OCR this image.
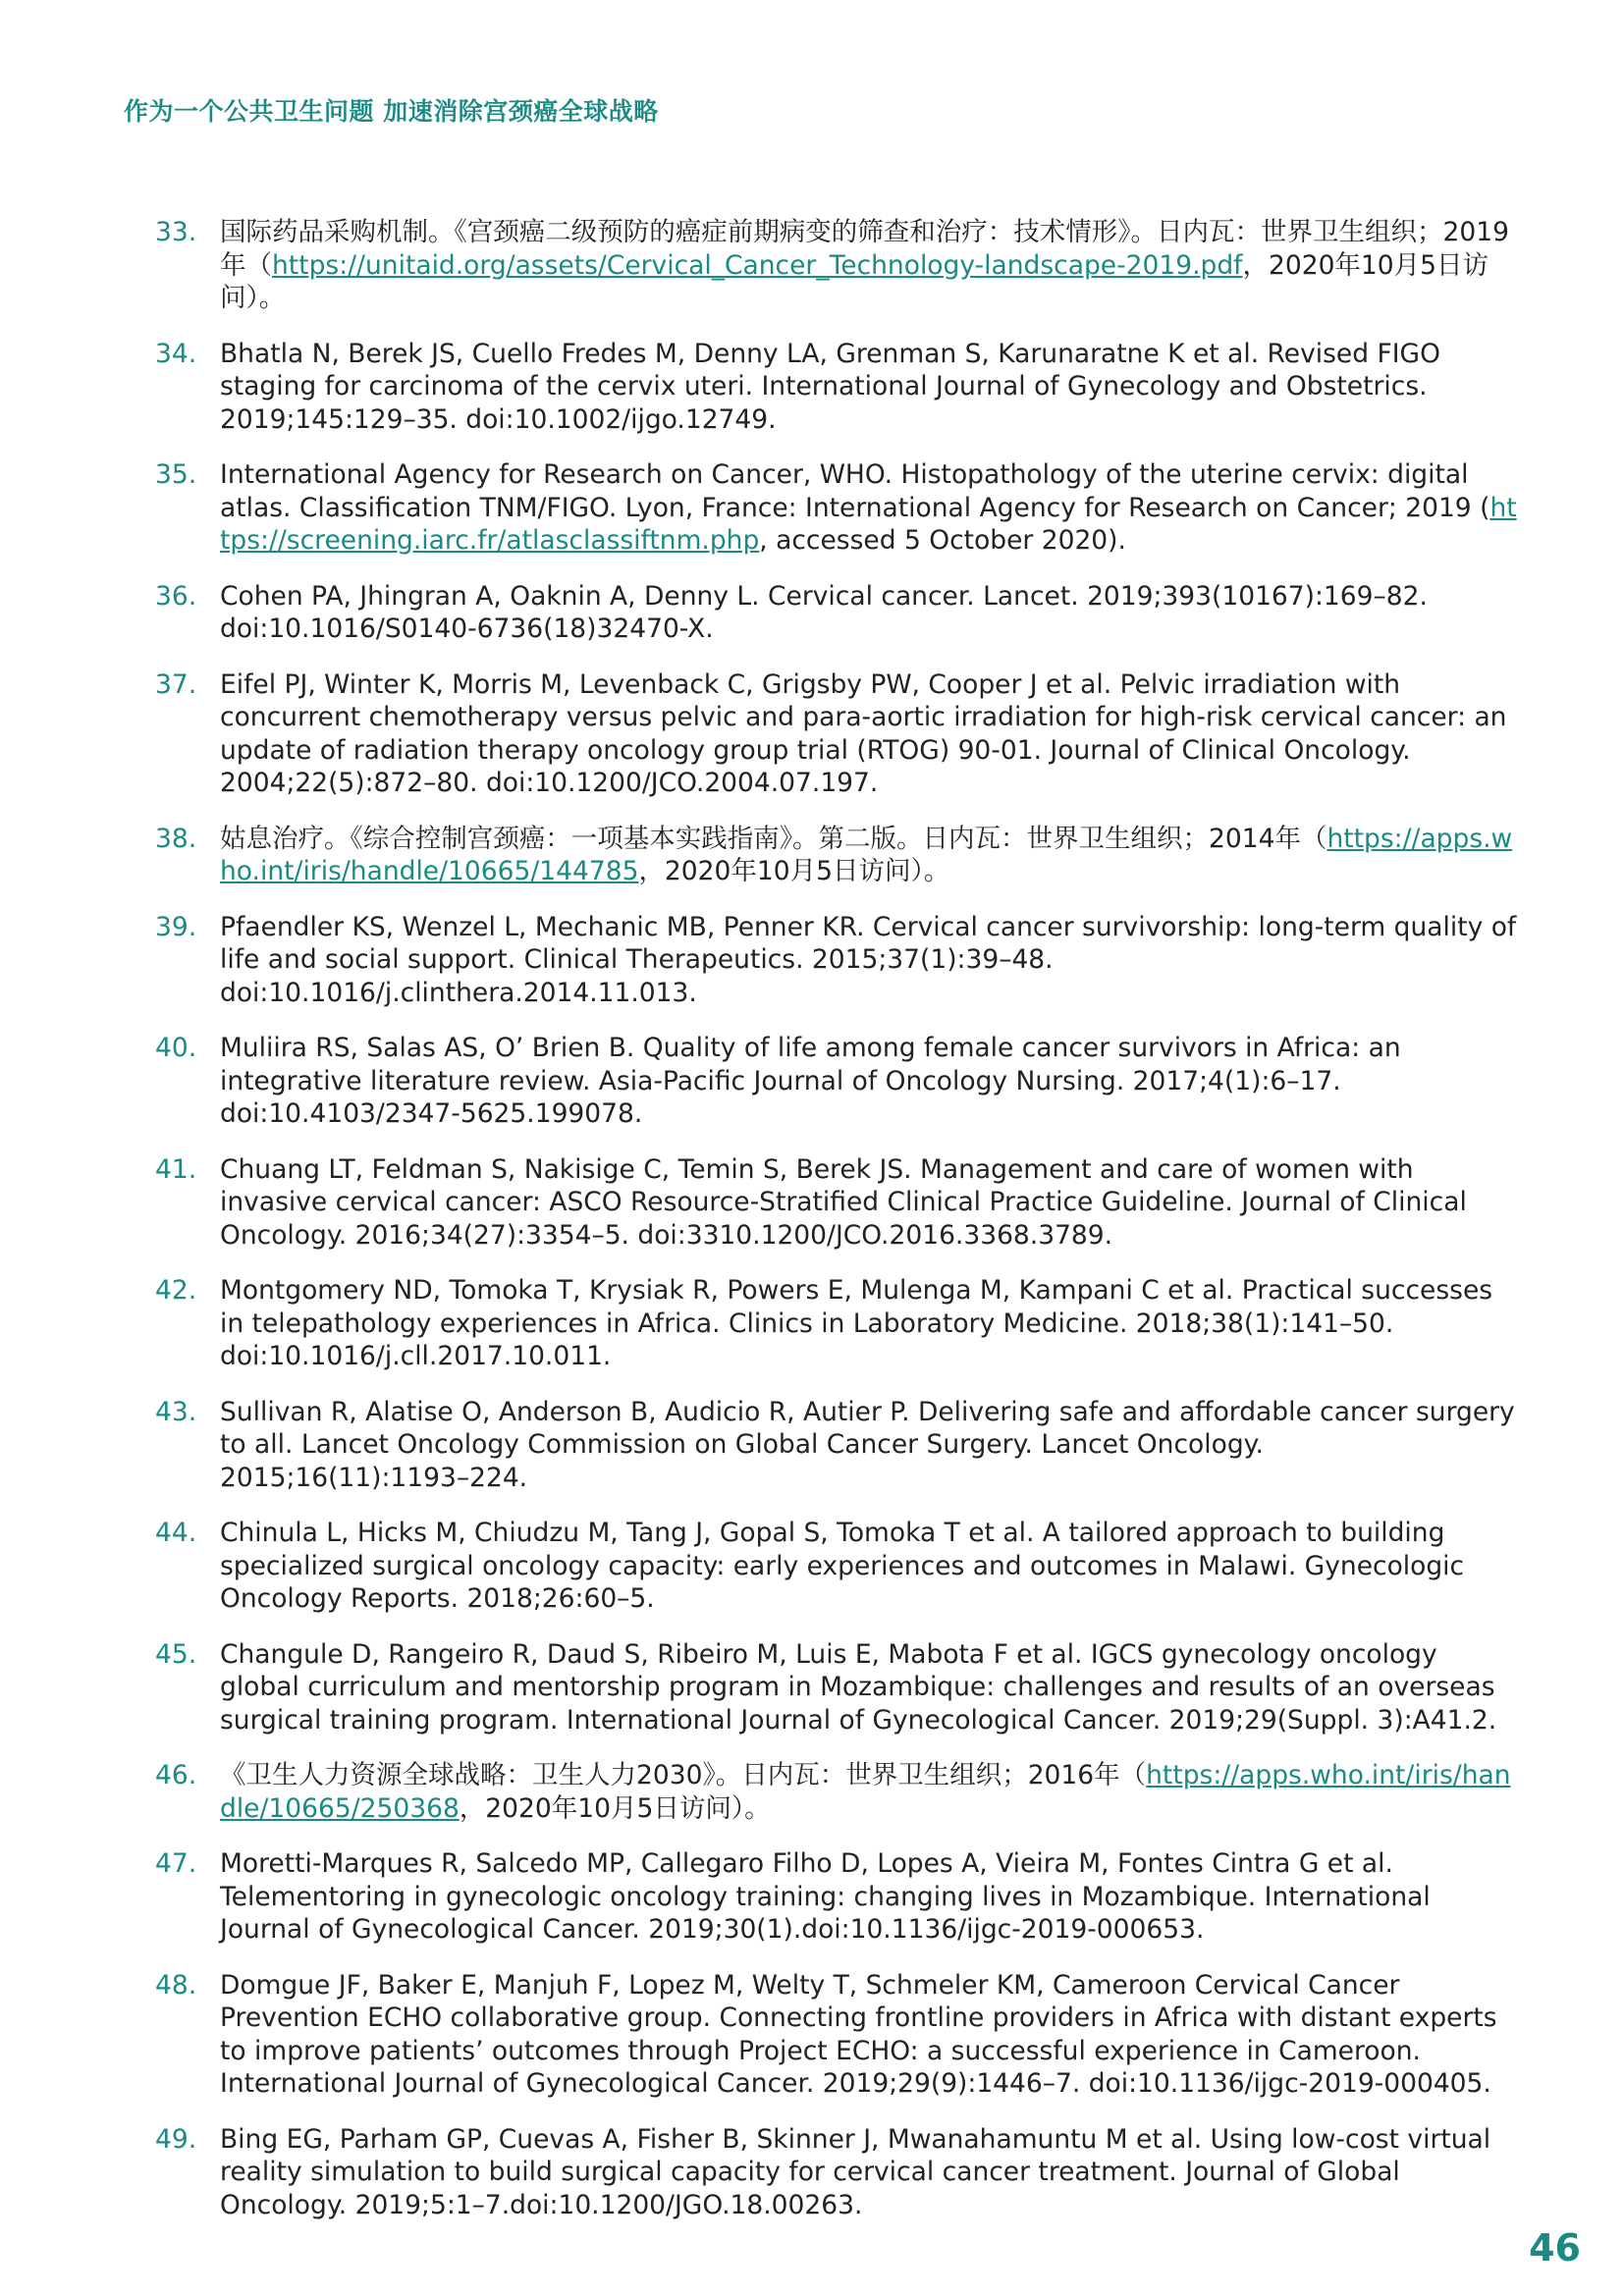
作为一个公共卫生问题 加速消除宫颈癌全球战略
33. 国际药品采购机制。《宫颈癌二级预防的癌症前期病变的筛查和治疗：技术情形》。日内瓦：世界卫生组织；2019年（https://unitaid.org/assets/Cervical_Cancer_Technology-landscape-2019.pdf，2020年10月5日访问）。
34. Bhatla N, Berek JS, Cuello Fredes M, Denny LA, Grenman S, Karunaratne K et al. Revised FIGO staging for carcinoma of the cervix uteri. International Journal of Gynecology and Obstetrics. 2019;145:129–35. doi:10.1002/ijgo.12749.
35. International Agency for Research on Cancer, WHO. Histopathology of the uterine cervix: digital atlas. Classification TNM/FIGO. Lyon, France: International Agency for Research on Cancer; 2019 (https://screening.iarc.fr/atlasclassiftnm.php, accessed 5 October 2020).
36. Cohen PA, Jhingran A, Oaknin A, Denny L. Cervical cancer. Lancet. 2019;393(10167):169–82. doi:10.1016/S0140-6736(18)32470-X.
37. Eifel PJ, Winter K, Morris M, Levenback C, Grigsby PW, Cooper J et al. Pelvic irradiation with concurrent chemotherapy versus pelvic and para-aortic irradiation for high-risk cervical cancer: an update of radiation therapy oncology group trial (RTOG) 90-01. Journal of Clinical Oncology. 2004;22(5):872–80. doi:10.1200/JCO.2004.07.197.
38. 姑息治疗。《综合控制宫颈癌：一项基本实践指南》。第二版。日内瓦：世界卫生组织；2014年（https://apps.who.int/iris/handle/10665/144785，2020年10月5日访问）。
39. Pfaendler KS, Wenzel L, Mechanic MB, Penner KR. Cervical cancer survivorship: long-term quality of life and social support. Clinical Therapeutics. 2015;37(1):39–48. doi:10.1016/j.clinthera.2014.11.013.
40. Muliira RS, Salas AS, O’ Brien B. Quality of life among female cancer survivors in Africa: an integrative literature review. Asia-Pacific Journal of Oncology Nursing. 2017;4(1):6–17. doi:10.4103/2347-5625.199078.
41. Chuang LT, Feldman S, Nakisige C, Temin S, Berek JS. Management and care of women with invasive cervical cancer: ASCO Resource-Stratified Clinical Practice Guideline. Journal of Clinical Oncology. 2016;34(27):3354–5. doi:3310.1200/JCO.2016.3368.3789.
42. Montgomery ND, Tomoka T, Krysiak R, Powers E, Mulenga M, Kampani C et al. Practical successes in telepathology experiences in Africa. Clinics in Laboratory Medicine. 2018;38(1):141–50. doi:10.1016/j.cll.2017.10.011.
43. Sullivan R, Alatise O, Anderson B, Audicio R, Autier P. Delivering safe and affordable cancer surgery to all. Lancet Oncology Commission on Global Cancer Surgery. Lancet Oncology. 2015;16(11):1193–224.
44. Chinula L, Hicks M, Chiudzu M, Tang J, Gopal S, Tomoka T et al. A tailored approach to building specialized surgical oncology capacity: early experiences and outcomes in Malawi. Gynecologic Oncology Reports. 2018;26:60–5.
45. Changule D, Rangeiro R, Daud S, Ribeiro M, Luis E, Mabota F et al. IGCS gynecology oncology global curriculum and mentorship program in Mozambique: challenges and results of an overseas surgical training program. International Journal of Gynecological Cancer. 2019;29(Suppl. 3):A41.2.
46. 《卫生人力资源全球战略：卫生人力2030》。日内瓦：世界卫生组织；2016年（https://apps.who.int/iris/handle/10665/250368，2020年10月5日访问）。
47. Moretti-Marques R, Salcedo MP, Callegaro Filho D, Lopes A, Vieira M, Fontes Cintra G et al. Telementoring in gynecologic oncology training: changing lives in Mozambique. International Journal of Gynecological Cancer. 2019;30(1).doi:10.1136/ijgc-2019-000653.
48. Domgue JF, Baker E, Manjuh F, Lopez M, Welty T, Schmeler KM, Cameroon Cervical Cancer Prevention ECHO collaborative group. Connecting frontline providers in Africa with distant experts to improve patients’ outcomes through Project ECHO: a successful experience in Cameroon. International Journal of Gynecological Cancer. 2019;29(9):1446–7. doi:10.1136/ijgc-2019-000405.
49. Bing EG, Parham GP, Cuevas A, Fisher B, Skinner J, Mwanahamuntu M et al. Using low-cost virtual reality simulation to build surgical capacity for cervical cancer treatment. Journal of Global Oncology. 2019;5:1–7.doi:10.1200/JGO.18.00263.
46
